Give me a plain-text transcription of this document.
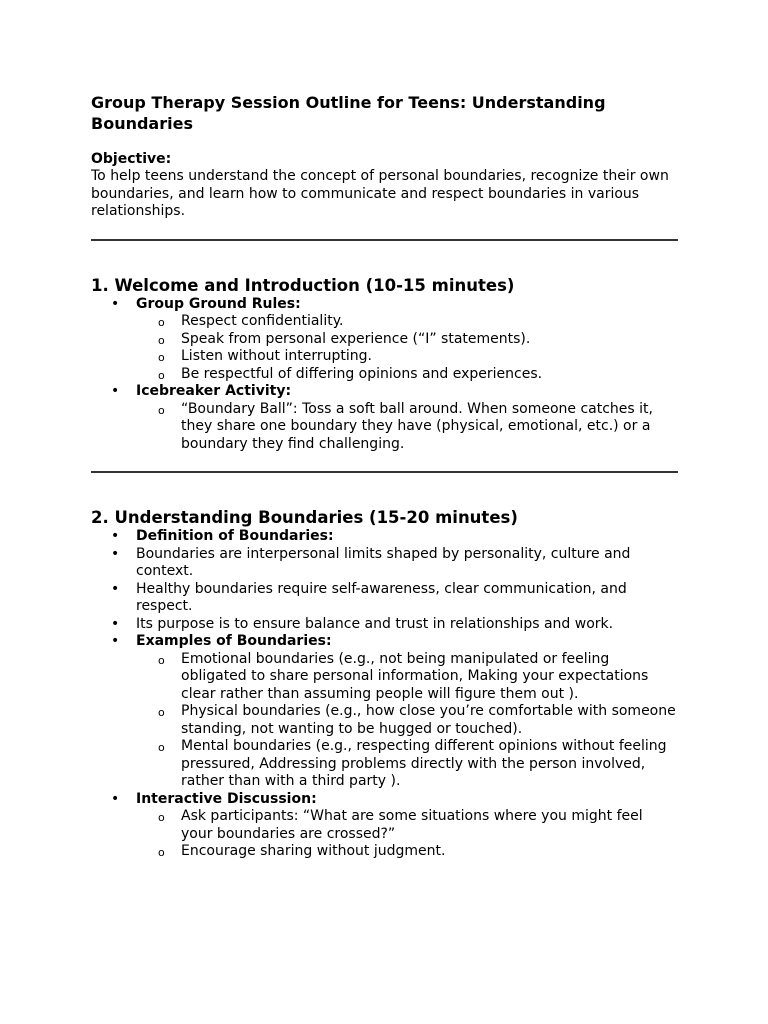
Group Therapy Session Outline for Teens: Understanding Boundaries
Objective:

To help teens understand the concept of personal boundaries, recognize their own boundaries, and learn how to communicate and respect boundaries in various relationships.

1. Welcome and Introduction (10-15 minutes)
• Group Ground Rules:
o Respect confidentiality.
o Speak from personal experience (“I” statements).
o Listen without interrupting.
o Be respectful of differing opinions and experiences.
• Icebreaker Activity:
o “Boundary Ball”: Toss a soft ball around. When someone catches it, they share one boundary they have (physical, emotional, etc.) or a boundary they find challenging.
2. Understanding Boundaries (15-20 minutes)
• Definition of Boundaries:
• Boundaries are interpersonal limits shaped by personality, culture and context.
• Healthy boundaries require self-awareness, clear communication, and respect.
• Its purpose is to ensure balance and trust in relationships and work.
• Examples of Boundaries:
o Emotional boundaries (e.g., not being manipulated or feeling obligated to share personal information, Making your expectations clear rather than assuming people will figure them out ).
o Physical boundaries (e.g., how close you’re comfortable with someone standing, not wanting to be hugged or touched).
o Mental boundaries (e.g., respecting different opinions without feeling pressured, Addressing problems directly with the person involved, rather than with a third party ).
• Interactive Discussion:
o Ask participants: “What are some situations where you might feel your boundaries are crossed?”
o Encourage sharing without judgment.
